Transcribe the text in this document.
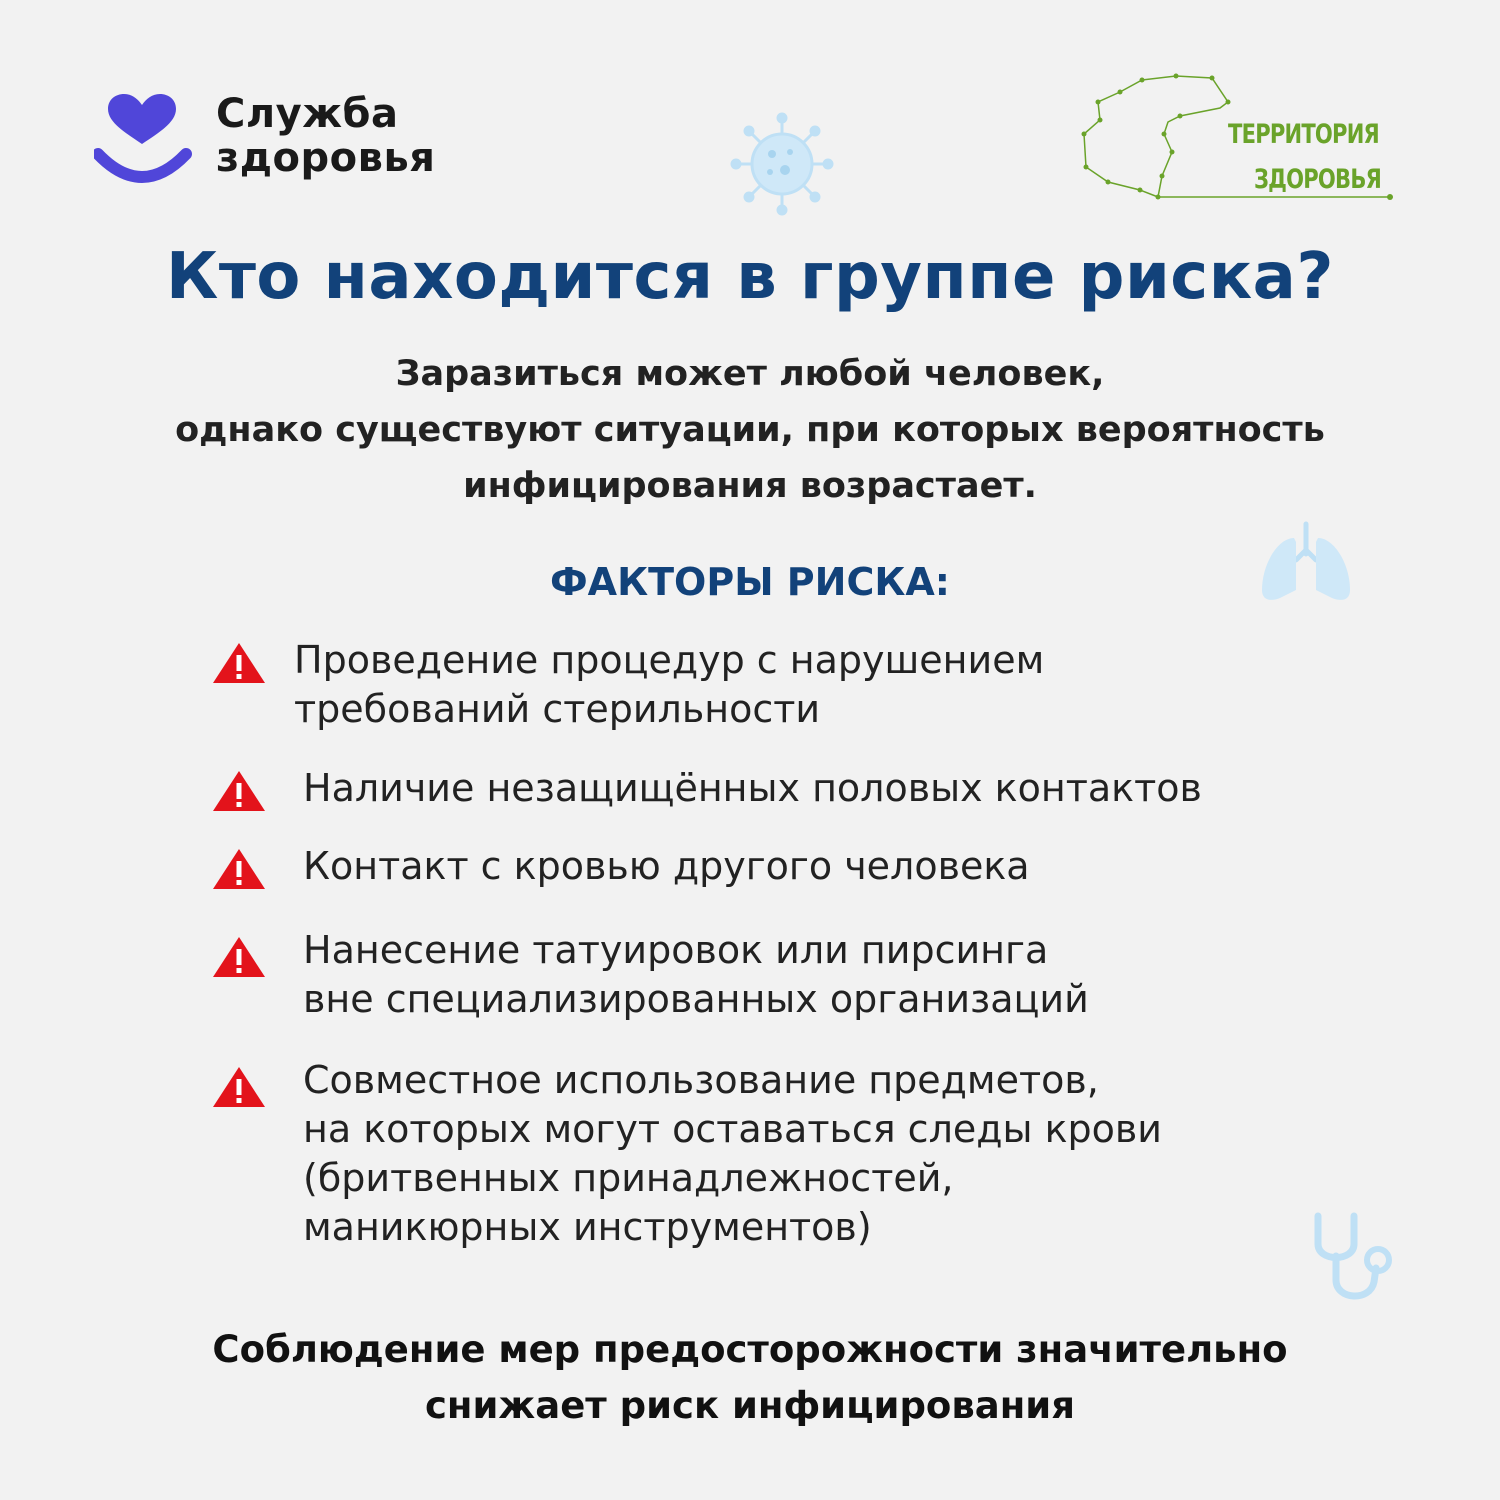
Служба
здоровья
ТЕРРИТОРИЯ
ЗДОРОВЬЯ
Кто находится в группе риска?
Заразиться может любой человек,
однако существуют ситуации, при которых вероятность
инфицирования возрастает.
ФАКТОРЫ РИСКА:
Проведение процедур с нарушением
требований стерильности
Наличие незащищённых половых контактов
Контакт с кровью другого человека
Нанесение татуировок или пирсинга
вне специализированных организаций
Совместное использование предметов,
на которых могут оставаться следы крови
(бритвенных принадлежностей,
маникюрных инструментов)
Соблюдение мер предосторожности значительно
снижает риск инфицирования
